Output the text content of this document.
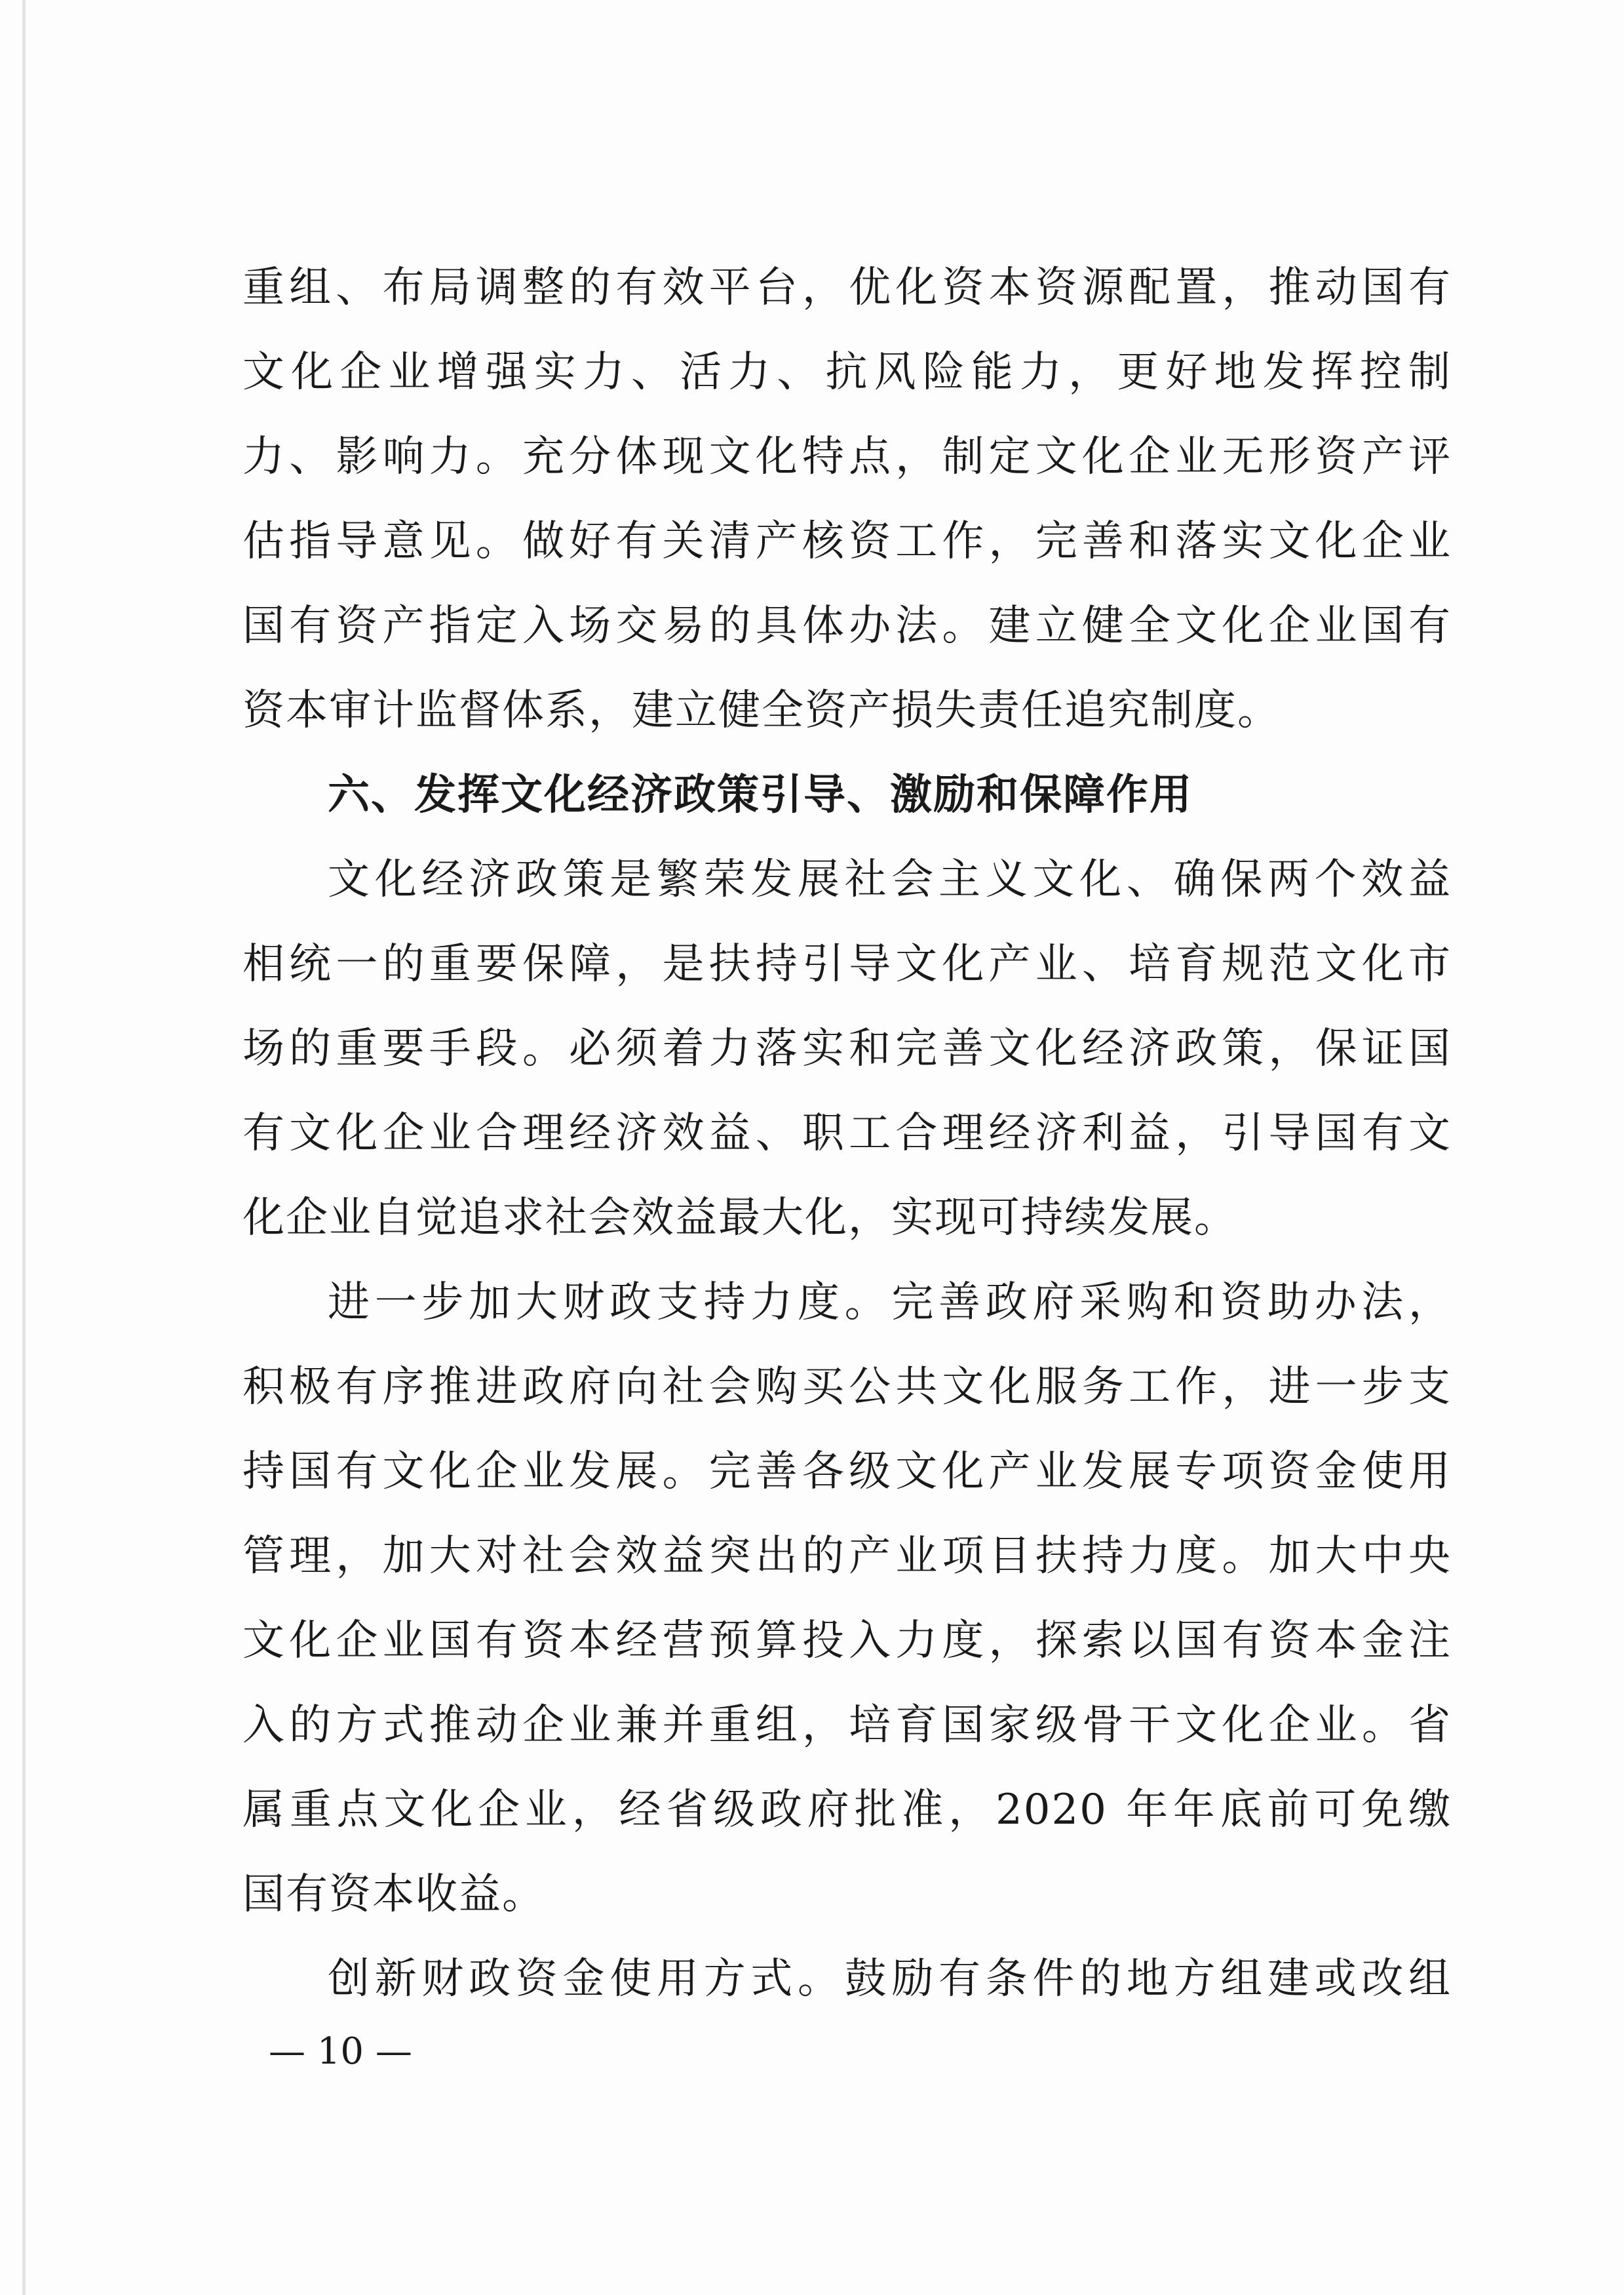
重组、布局调整的有效平台，优化资本资源配置，推动国有
文化企业增强实力、活力、抗风险能力，更好地发挥控制
力、影响力。充分体现文化特点，制定文化企业无形资产评
估指导意见。做好有关清产核资工作，完善和落实文化企业
国有资产指定入场交易的具体办法。建立健全文化企业国有
资本审计监督体系，建立健全资产损失责任追究制度。
六、发挥文化经济政策引导、激励和保障作用
文化经济政策是繁荣发展社会主义文化、确保两个效益
相统一的重要保障，是扶持引导文化产业、培育规范文化市
场的重要手段。必须着力落实和完善文化经济政策，保证国
有文化企业合理经济效益、职工合理经济利益，引导国有文
化企业自觉追求社会效益最大化，实现可持续发展。
进一步加大财政支持力度。完善政府采购和资助办法，
积极有序推进政府向社会购买公共文化服务工作，进一步支
持国有文化企业发展。完善各级文化产业发展专项资金使用
管理，加大对社会效益突出的产业项目扶持力度。加大中央
文化企业国有资本经营预算投入力度，探索以国有资本金注
入的方式推动企业兼并重组，培育国家级骨干文化企业。省
属重点文化企业，经省级政府批准，2020 年年底前可免缴
国有资本收益。
创新财政资金使用方式。鼓励有条件的地方组建或改组
— 10 —
